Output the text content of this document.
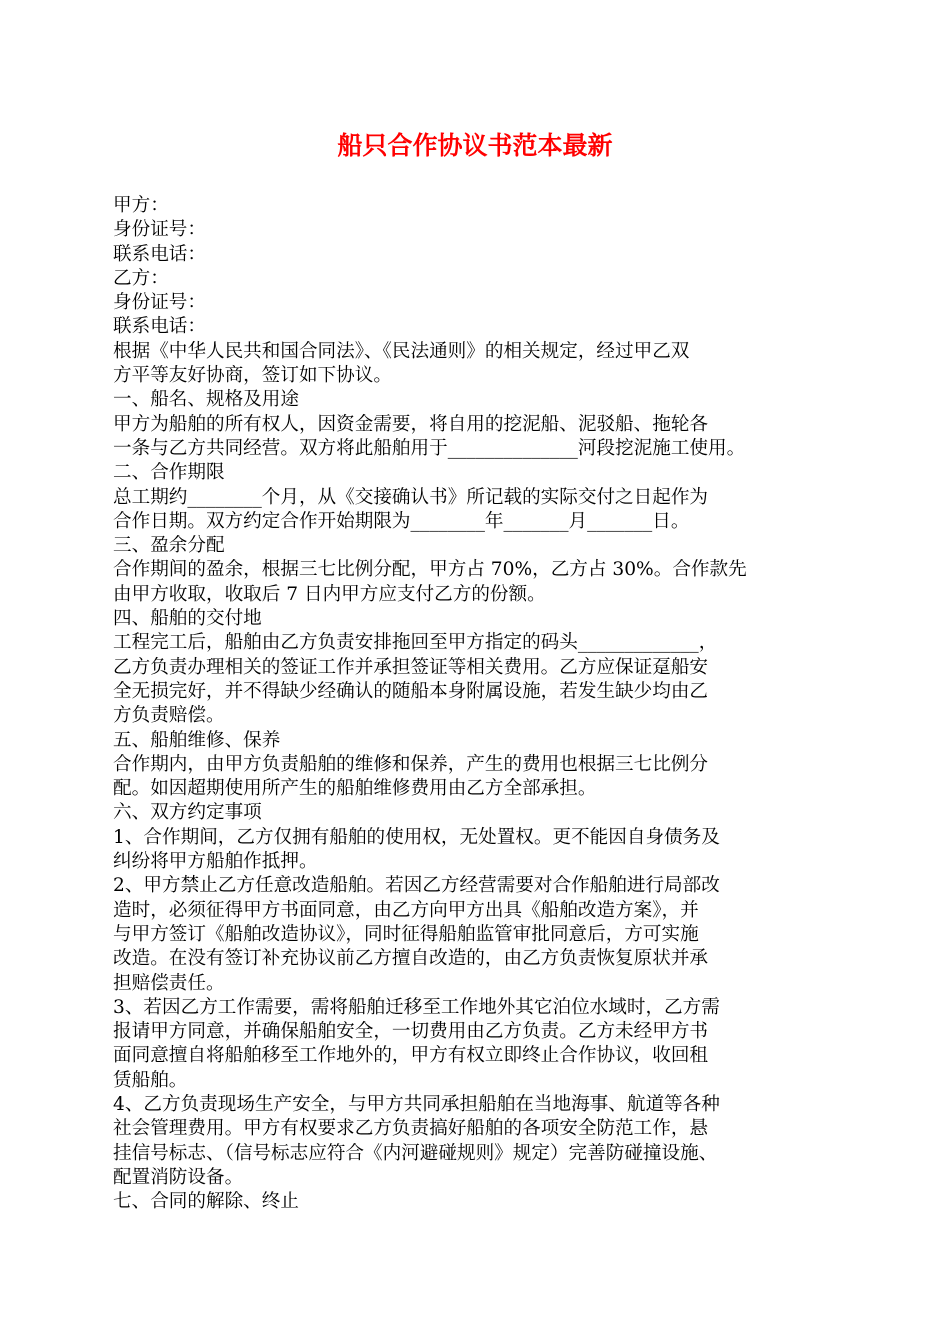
船只合作协议书范本最新
甲方：
身份证号：
联系电话：
乙方：
身份证号：
联系电话：
根据《中华人民共和国合同法》、《民法通则》的相关规定，经过甲乙双
方平等友好协商，签订如下协议。
一、船名、规格及用途
甲方为船舶的所有权人，因资金需要，将自用的挖泥船、泥驳船、拖轮各
一条与乙方共同经营。双方将此船舶用于______________河段挖泥施工使用。
二、合作期限
总工期约________个月，从《交接确认书》所记载的实际交付之日起作为
合作日期。双方约定合作开始期限为________年_______月_______日。
三、盈余分配
合作期间的盈余，根据三七比例分配，甲方占 70%，乙方占 30%。合作款先
由甲方收取，收取后 7 日内甲方应支付乙方的份额。
四、船舶的交付地
工程完工后，船舶由乙方负责安排拖回至甲方指定的码头_____________，
乙方负责办理相关的签证工作并承担签证等相关费用。乙方应保证趸船安
全无损完好，并不得缺少经确认的随船本身附属设施，若发生缺少均由乙
方负责赔偿。
五、船舶维修、保养
合作期内，由甲方负责船舶的维修和保养，产生的费用也根据三七比例分
配。如因超期使用所产生的船舶维修费用由乙方全部承担。
六、双方约定事项
1、合作期间，乙方仅拥有船舶的使用权，无处置权。更不能因自身债务及
纠纷将甲方船舶作抵押。
2、甲方禁止乙方任意改造船舶。若因乙方经营需要对合作船舶进行局部改
造时，必须征得甲方书面同意，由乙方向甲方出具《船舶改造方案》，并
与甲方签订《船舶改造协议》，同时征得船舶监管审批同意后，方可实施
改造。在没有签订补充协议前乙方擅自改造的，由乙方负责恢复原状并承
担赔偿责任。
3、若因乙方工作需要，需将船舶迁移至工作地外其它泊位水域时，乙方需
报请甲方同意，并确保船舶安全，一切费用由乙方负责。乙方未经甲方书
面同意擅自将船舶移至工作地外的，甲方有权立即终止合作协议，收回租
赁船舶。
4、乙方负责现场生产安全，与甲方共同承担船舶在当地海事、航道等各种
社会管理费用。甲方有权要求乙方负责搞好船舶的各项安全防范工作，悬
挂信号标志、（信号标志应符合《内河避碰规则》规定）完善防碰撞设施、
配置消防设备。
七、合同的解除、终止
